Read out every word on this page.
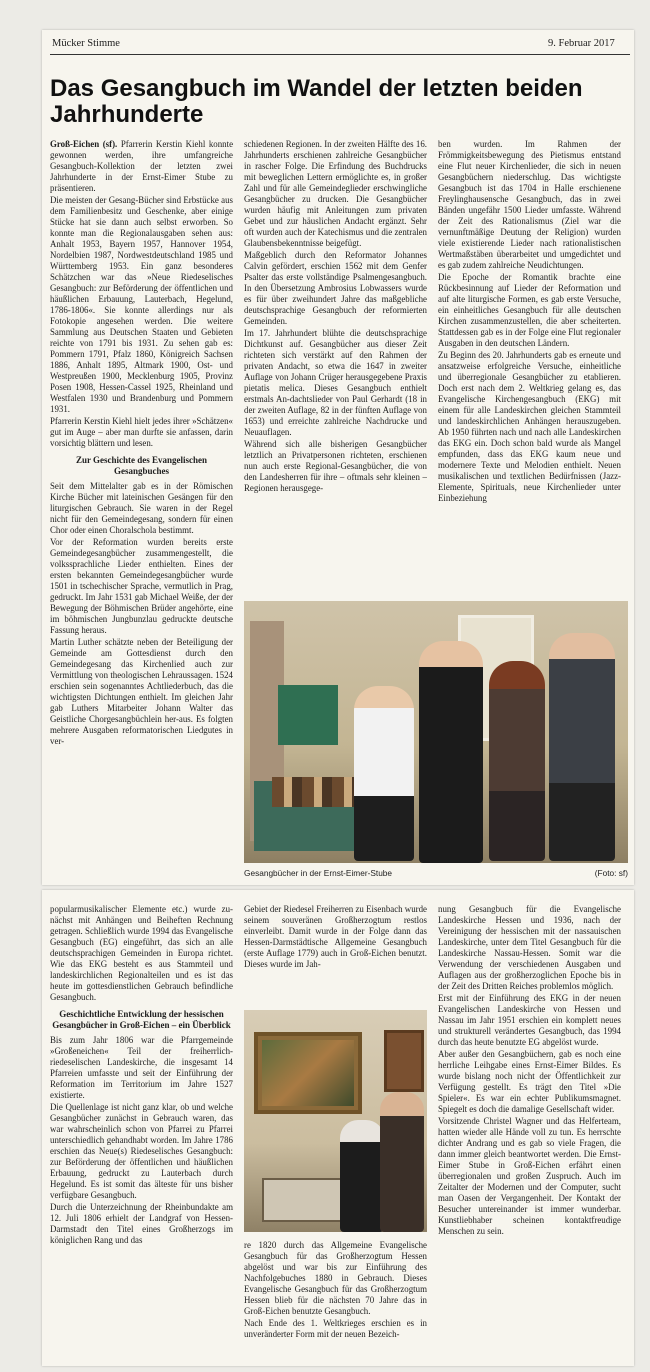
Mücker Stimme	9. Februar 2017
Das Gesangbuch im Wandel der letzten beiden Jahrhunderte

Groß-Eichen (sf). Pfarrerin Kerstin Kiehl konnte gewonnen werden, ihre umfangreiche Gesangbuch-Kollektion der letzten zwei Jahrhunderte in der Ernst-Eimer Stube zu präsentieren.

Die meisten der Gesang-Bücher sind Erbstücke aus dem Familienbesitz und Geschenke, aber einige Stücke hat sie dann auch selbst erworben. So konnte man die Regionalausgaben sehen aus: Anhalt 1953, Bayern 1957, Hannover 1954, Nordelbien 1987, Nordwestdeutschland 1985 und Württemberg 1953. Ein ganz besonderes Schätzchen war das »Neue Riedeselisches Gesangbuch: zur Beförderung der öffentlichen und häußlichen Erbauung, Lauterbach, Hegelund, 1786-1806«. Sie konnte allerdings nur als Fotokopie angesehen werden. Die weitere Sammlung aus Deutschen Staaten und Gebieten reichte von 1791 bis 1931. Zu sehen gab es: Pommern 1791, Pfalz 1860, Königreich Sachsen 1886, Anhalt 1895, Altmark 1900, Ost- und Westpreußen 1900, Mecklenburg 1905, Provinz Posen 1908, Hessen-Cassel 1925, Rheinland und Westfalen 1930 und Brandenburg und Pommern 1931.

Pfarrerin Kerstin Kiehl hielt jedes ihrer »Schätzen« gut im Auge – aber man durfte sie anfassen, darin vorsichtig blättern und lesen.

Zur Geschichte des Evangelischen Gesangbuches

Seit dem Mittelalter gab es in der Römischen Kirche Bücher mit lateinischen Gesängen für den liturgischen Gebrauch. Sie waren in der Regel nicht für den Gemeindegesang, sondern für einen Chor oder einen Choralschola bestimmt.

Vor der Reformation wurden bereits erste Gemeindegesangbücher zusammengestellt, die volkssprachliche Lieder enthielten. Eines der ersten bekannten Gemeindegesangbücher wurde 1501 in tschechischer Sprache, vermutlich in Prag, gedruckt. Im Jahr 1531 gab Michael Weiße, der der Bewegung der Böhmischen Brüder angehörte, eine im böhmischen Jungbunzlau gedruckte deutsche Fassung heraus.

Martin Luther schätzte neben der Beteiligung der Gemeinde am Gottesdienst durch den Gemeindegesang das Kirchenlied auch zur Vermittlung von theologischen Lehraussagen. 1524 erschien sein sogenanntes Achtliederbuch, das die wichtigsten Dichtungen enthielt. Im gleichen Jahr gab Luthers Mitarbeiter Johann Walter das Geistliche Chorgesangbüchlein her-aus. Es folgten mehrere Ausgaben reformatorischen Liedgutes in ver-

schiedenen Regionen. In der zweiten Hälfte des 16. Jahrhunderts erschienen zahlreiche Gesangbücher in rascher Folge. Die Erfindung des Buchdrucks mit beweglichen Lettern ermöglichte es, in großer Zahl und für alle Gemeindeglieder erschwingliche Gesangbücher zu drucken. Die Gesangbücher wurden häufig mit Anleitungen zum privaten Gebet und zur häuslichen Andacht ergänzt. Sehr oft wurden auch der Katechismus und die zentralen Glaubensbekenntnisse beigefügt.

Maßgeblich durch den Reformator Johannes Calvin gefördert, erschien 1562 mit dem Genfer Psalter das erste vollständige Psalmengesangbuch. In den Übersetzung Ambrosius Lobwassers wurde es für über zweihundert Jahre das maßgebliche deutschsprachige Gesangbuch der reformierten Gemeinden.

Im 17. Jahrhundert blühte die deutschsprachige Dichtkunst auf. Gesangbücher aus dieser Zeit richteten sich verstärkt auf den Rahmen der privaten Andacht, so etwa die 1647 in zweiter Auflage von Johann Crüger herausgegebene Praxis pietatis melica. Dieses Gesangbuch enthielt erstmals An-dachtslieder von Paul Gerhardt (18 in der zweiten Auflage, 82 in der fünften Auflage von 1653) und erreichte zahlreiche Nachdrucke und Neuauflagen.

Während sich alle bisherigen Gesangbücher letztlich an Privatpersonen richteten, erschienen nun auch erste Regional-Gesangbücher, die von den Landesherren für ihre – oftmals sehr kleinen – Regionen herausgege-

ben wurden. Im Rahmen der Frömmigkeitsbewegung des Pietismus entstand eine Flut neuer Kirchenlieder, die sich in neuen Gesangbüchern niederschlug. Das wichtigste Gesangbuch ist das 1704 in Halle erschienene Freylinghausensche Gesangbuch, das in zwei Bänden ungefähr 1500 Lieder umfasste. Während der Zeit des Rationalismus (Ziel war die vernunftmäßige Deutung der Religion) wurden viele existierende Lieder nach rationalistischen Wertmaßstäben überarbeitet und umgedichtet und es gab zudem zahlreiche Neudichtungen.

Die Epoche der Romantik brachte eine Rückbesinnung auf Lieder der Reformation und auf alte liturgische Formen, es gab erste Versuche, ein einheitliches Gesangbuch für alle deutschen Kirchen zusammenzustellen, die aber scheiterten. Stattdessen gab es in der Folge eine Flut regionaler Ausgaben in den deutschen Ländern.

Zu Beginn des 20. Jahrhunderts gab es erneute und ansatzweise erfolgreiche Versuche, einheitliche und überregionale Gesangbücher zu etablieren. Doch erst nach dem 2. Weltkrieg gelang es, das Evangelische Kirchengesangbuch (EKG) mit einem für alle Landeskirchen gleichen Stammteil und landeskirchlichen Anhängen herauszugeben. Ab 1950 führten nach und nach alle Landeskirchen das EKG ein. Doch schon bald wurde als Mangel empfunden, dass das EKG kaum neue und modernere Texte und Melodien enthielt. Neuen musikalischen und textlichen Bedürfnissen (Jazz-Elemente, Spirituals, neue Kirchenlieder unter Einbeziehung

Gesangbücher in der Ernst-Eimer-Stube	(Foto: sf)

popularmusikalischer Elemente etc.) wurde zu-nächst mit Anhängen und Beiheften Rechnung getragen. Schließlich wurde 1994 das Evangelische Gesangbuch (EG) eingeführt, das sich an alle deutschsprachigen Gemeinden in Europa richtet. Wie das EKG besteht es aus Stammteil und landeskirchlichen Regionalteilen und es ist das heute im gottesdienstlichen Gebrauch befindliche Gesangbuch.

Geschichtliche Entwicklung der hessischen Gesangbücher in Groß-Eichen – ein Überblick

Bis zum Jahr 1806 war die Pfarrgemeinde »Großeneichen« Teil der freiherrlich-riedeselischen Landeskirche, die insgesamt 14 Pfarreien umfasste und seit der Einführung der Reformation im Territorium im Jahre 1527 existierte.

Die Quellenlage ist nicht ganz klar, ob und welche Gesangbücher zunächst in Gebrauch waren, das war wahrscheinlich schon von Pfarrei zu Pfarrei unterschiedlich gehandhabt worden. Im Jahre 1786 erschien das Neue(s) Riedeselisches Gesangbuch: zur Beförderung der öffentlichen und häußlichen Erbauung, gedruckt zu Lauterbach durch Hegelund. Es ist somit das älteste für uns bisher verfügbare Gesangbuch.

Durch die Unterzeichnung der Rheinbundakte am 12. Juli 1806 erhielt der Landgraf von Hessen-Darmstadt den Titel eines Großherzogs im königlichen Rang und das

Gebiet der Riedesel Freiherren zu Eisenbach wurde seinem souveränen Großherzogtum restlos einverleibt. Damit wurde in der Folge dann das Hessen-Darmstädtische Allgemeine Gesangbuch (erste Auflage 1779) auch in Groß-Eichen benutzt. Dieses wurde im Jah-

re 1820 durch das Allgemeine Evangelische Gesangbuch für das Großherzogtum Hessen abgelöst und war bis zur Einführung des Nachfolgebuches 1880 in Gebrauch. Dieses Evangelische Gesangbuch für das Großherzogtum Hessen blieb für die nächsten 70 Jahre das in Groß-Eichen benutzte Gesangbuch.

Nach Ende des 1. Weltkrieges erschien es in unveränderter Form mit der neuen Bezeich-

nung Gesangbuch für die Evangelische Landeskirche Hessen und 1936, nach der Vereinigung der hessischen mit der nassauischen Landeskirche, unter dem Titel Gesangbuch für die Landeskirche Nassau-Hessen. Somit war die Verwendung der verschiedenen Ausgaben und Auflagen aus der großherzoglichen Epoche bis in der Zeit des Dritten Reiches problemlos möglich.

Erst mit der Einführung des EKG in der neuen Evangelischen Landeskirche von Hessen und Nassau im Jahr 1951 erschien ein komplett neues und strukturell verändertes Gesangbuch, das 1994 durch das heute benutzte EG abgelöst wurde.

Aber außer den Gesangbüchern, gab es noch eine herrliche Leihgabe eines Ernst-Eimer Bildes. Es wurde bislang noch nicht der Öffentlichkeit zur Verfügung gestellt. Es trägt den Titel »Die Spieler«. Es war ein echter Publikumsmagnet. Spiegelt es doch die damalige Gesellschaft wider.

Vorsitzende Christel Wagner und das Helferteam, hatten wieder alle Hände voll zu tun. Es herrschte dichter Andrang und es gab so viele Fragen, die dann immer gleich beantwortet werden. Die Ernst-Eimer Stube in Groß-Eichen erfährt einen überregionalen und großen Zuspruch. Auch im Zeitalter der Modernen und der Computer, sucht man Oasen der Vergangenheit. Der Kontakt der Besucher untereinander ist immer wunderbar. Kunstliebhaber scheinen kontaktfreudige Menschen zu sein.
